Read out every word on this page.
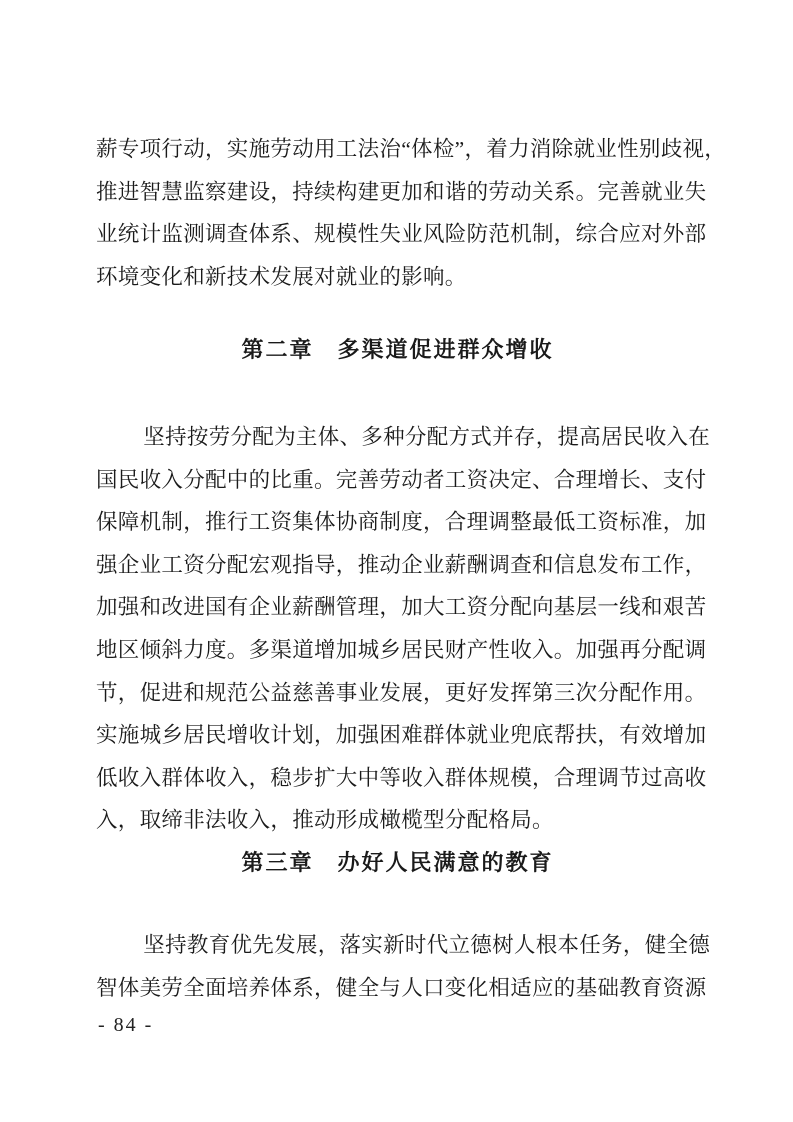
薪专项行动，实施劳动用工法治“体检”，着力消除就业性别歧视，
推进智慧监察建设，持续构建更加和谐的劳动关系。完善就业失
业统计监测调查体系、规模性失业风险防范机制，综合应对外部
环境变化和新技术发展对就业的影响。
第二章　多渠道促进群众增收
坚持按劳分配为主体、多种分配方式并存，提高居民收入在
国民收入分配中的比重。完善劳动者工资决定、合理增长、支付
保障机制，推行工资集体协商制度，合理调整最低工资标准，加
强企业工资分配宏观指导，推动企业薪酬调查和信息发布工作，
加强和改进国有企业薪酬管理，加大工资分配向基层一线和艰苦
地区倾斜力度。多渠道增加城乡居民财产性收入。加强再分配调
节，促进和规范公益慈善事业发展，更好发挥第三次分配作用。
实施城乡居民增收计划，加强困难群体就业兜底帮扶，有效增加
低收入群体收入，稳步扩大中等收入群体规模，合理调节过高收
入，取缔非法收入，推动形成橄榄型分配格局。
第三章　办好人民满意的教育
坚持教育优先发展，落实新时代立德树人根本任务，健全德
智体美劳全面培养体系，健全与人口变化相适应的基础教育资源
- 84 -
